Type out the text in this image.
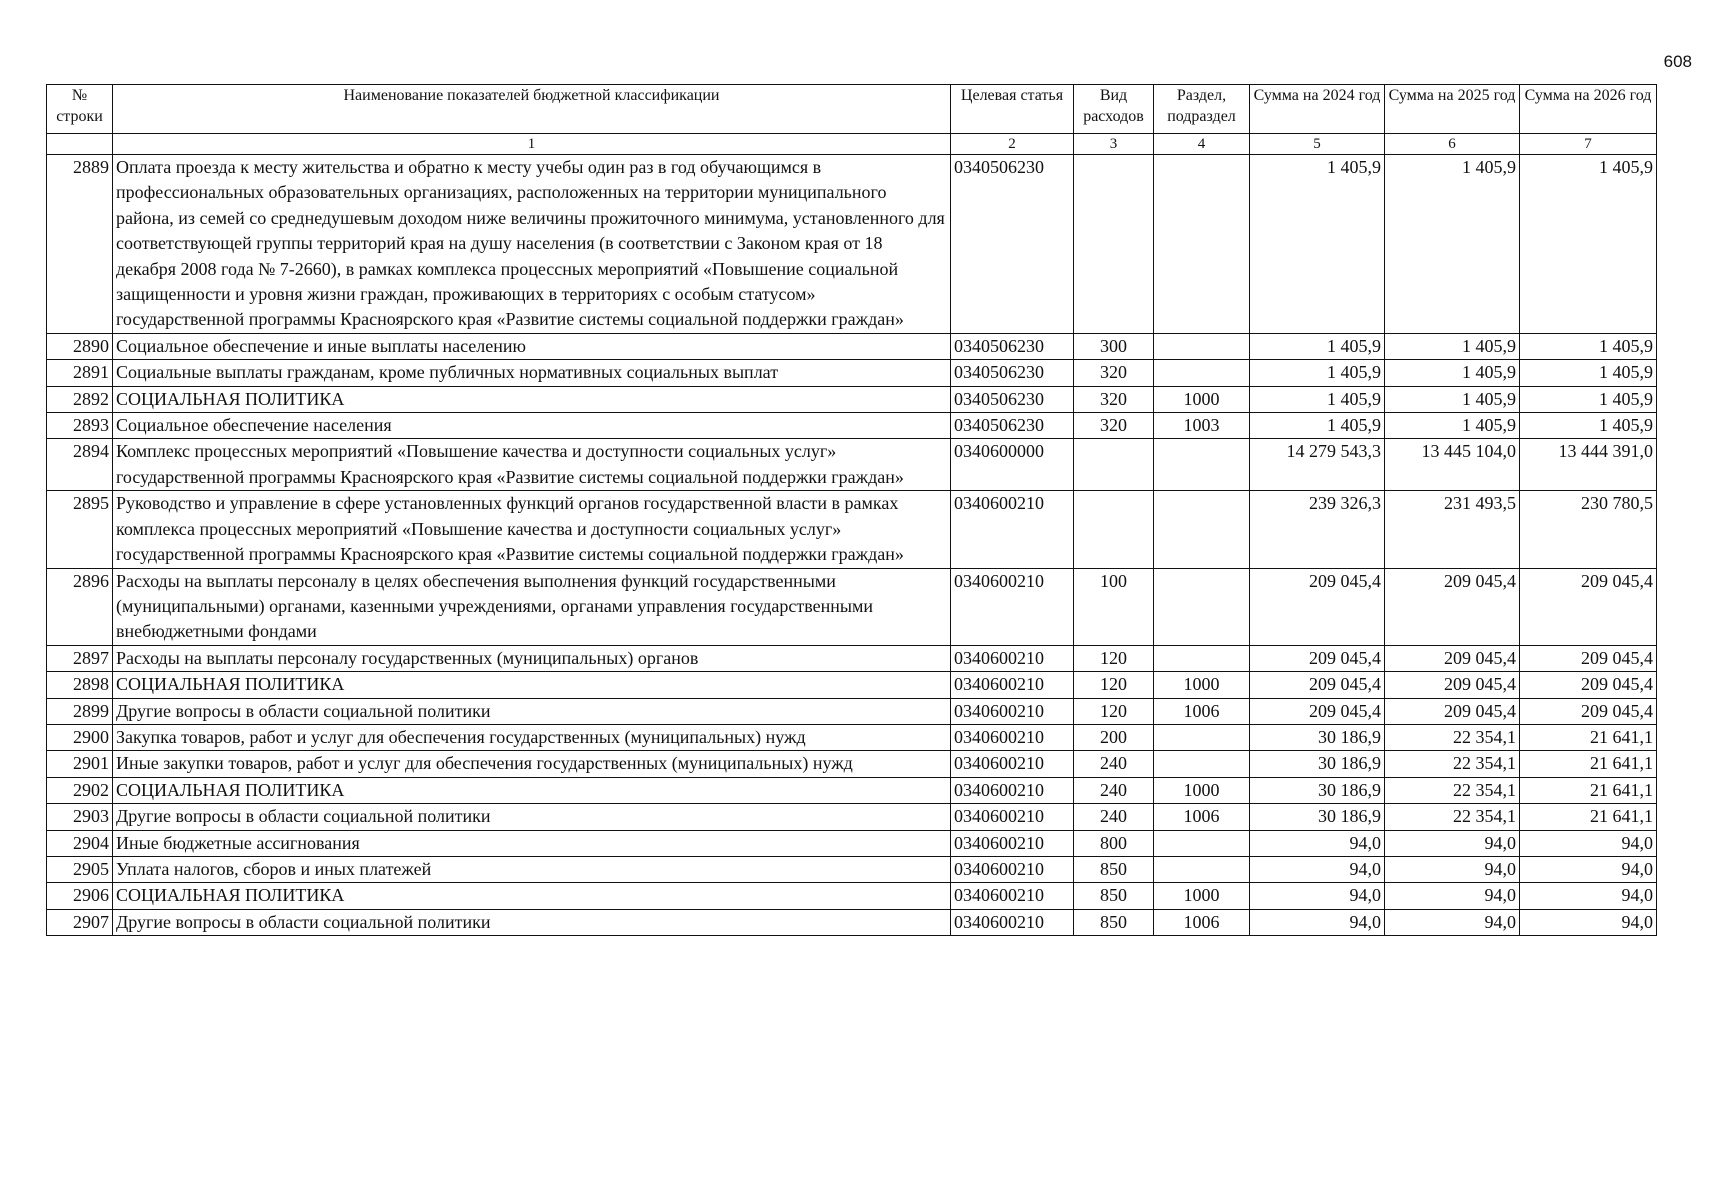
608
№ строки	Наименование показателей бюджетной классификации	Целевая статья	Вид расходов	Раздел, подраздел	Сумма на 2024 год	Сумма на 2025 год	Сумма на 2026 год
	1	2	3	4	5	6	7
2889	Оплата проезда к месту жительства и обратно к месту учебы один раз в год обучающимся в профессиональных образовательных организациях, расположенных на территории муниципального района, из семей со среднедушевым доходом ниже величины прожиточного минимума, установленного для соответствующей группы территорий края на душу населения (в соответствии с Законом края от 18 декабря 2008 года № 7-2660), в рамках комплекса процессных мероприятий «Повышение социальной защищенности и уровня жизни граждан, проживающих в территориях с особым статусом» государственной программы Красноярского края «Развитие системы социальной поддержки граждан»	0340506230			1 405,9	1 405,9	1 405,9
2890	Социальное обеспечение и иные выплаты населению	0340506230	300		1 405,9	1 405,9	1 405,9
2891	Социальные выплаты гражданам, кроме публичных нормативных социальных выплат	0340506230	320		1 405,9	1 405,9	1 405,9
2892	СОЦИАЛЬНАЯ ПОЛИТИКА	0340506230	320	1000	1 405,9	1 405,9	1 405,9
2893	Социальное обеспечение населения	0340506230	320	1003	1 405,9	1 405,9	1 405,9
2894	Комплекс процессных мероприятий «Повышение качества и доступности социальных услуг» государственной программы Красноярского края «Развитие системы социальной поддержки граждан»	0340600000			14 279 543,3	13 445 104,0	13 444 391,0
2895	Руководство и управление в сфере установленных функций органов государственной власти в рамках комплекса процессных мероприятий «Повышение качества и доступности социальных услуг» государственной программы Красноярского края «Развитие системы социальной поддержки граждан»	0340600210			239 326,3	231 493,5	230 780,5
2896	Расходы на выплаты персоналу в целях обеспечения выполнения функций государственными (муниципальными) органами, казенными учреждениями, органами управления государственными внебюджетными фондами	0340600210	100		209 045,4	209 045,4	209 045,4
2897	Расходы на выплаты персоналу государственных (муниципальных) органов	0340600210	120		209 045,4	209 045,4	209 045,4
2898	СОЦИАЛЬНАЯ ПОЛИТИКА	0340600210	120	1000	209 045,4	209 045,4	209 045,4
2899	Другие вопросы в области социальной политики	0340600210	120	1006	209 045,4	209 045,4	209 045,4
2900	Закупка товаров, работ и услуг для обеспечения государственных (муниципальных) нужд	0340600210	200		30 186,9	22 354,1	21 641,1
2901	Иные закупки товаров, работ и услуг для обеспечения государственных (муниципальных) нужд	0340600210	240		30 186,9	22 354,1	21 641,1
2902	СОЦИАЛЬНАЯ ПОЛИТИКА	0340600210	240	1000	30 186,9	22 354,1	21 641,1
2903	Другие вопросы в области социальной политики	0340600210	240	1006	30 186,9	22 354,1	21 641,1
2904	Иные бюджетные ассигнования	0340600210	800		94,0	94,0	94,0
2905	Уплата налогов, сборов и иных платежей	0340600210	850		94,0	94,0	94,0
2906	СОЦИАЛЬНАЯ ПОЛИТИКА	0340600210	850	1000	94,0	94,0	94,0
2907	Другие вопросы в области социальной политики	0340600210	850	1006	94,0	94,0	94,0
